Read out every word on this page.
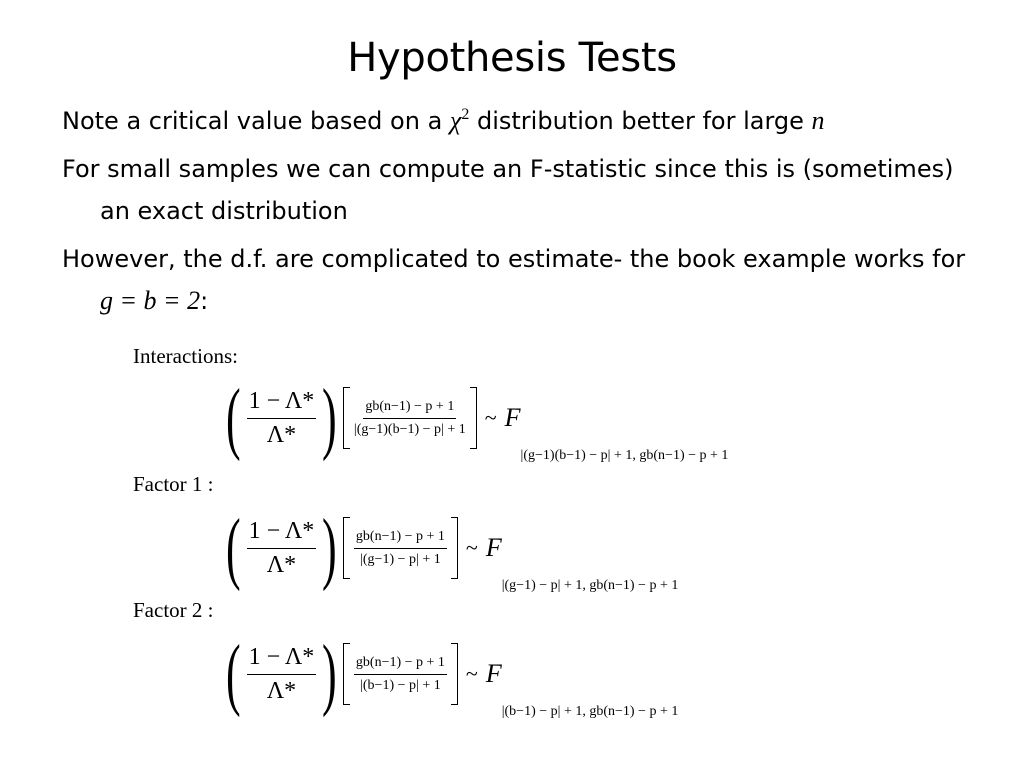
Hypothesis Tests
Note a critical value based on a $\chi^2$ distribution better for large n
For small samples we can compute an F-statistic since this is (sometimes) an exact distribution
However, the d.f. are complicated to estimate- the book example works for g = b = 2:
Interactions:
( $\frac{1 - \Lambda*}{\Lambda*}$ ) $\frac{gb(n-1) - p + 1}{|(g-1)(b-1) - p| + 1}$ ~ F
|(g−1)(b−1) − p| + 1, gb(n−1) − p + 1
Factor 1 :
( $\frac{1 - \Lambda*}{\Lambda*}$ ) $\frac{gb(n-1) - p + 1}{|(g-1) - p| + 1}$ ~ F
|(g−1) − p| + 1, gb(n−1) − p + 1
Factor 2 :
( $\frac{1 - \Lambda*}{\Lambda*}$ ) $\frac{gb(n-1) - p + 1}{|(b-1) - p| + 1}$ ~ F
|(b−1) − p| + 1, gb(n−1) − p + 1
